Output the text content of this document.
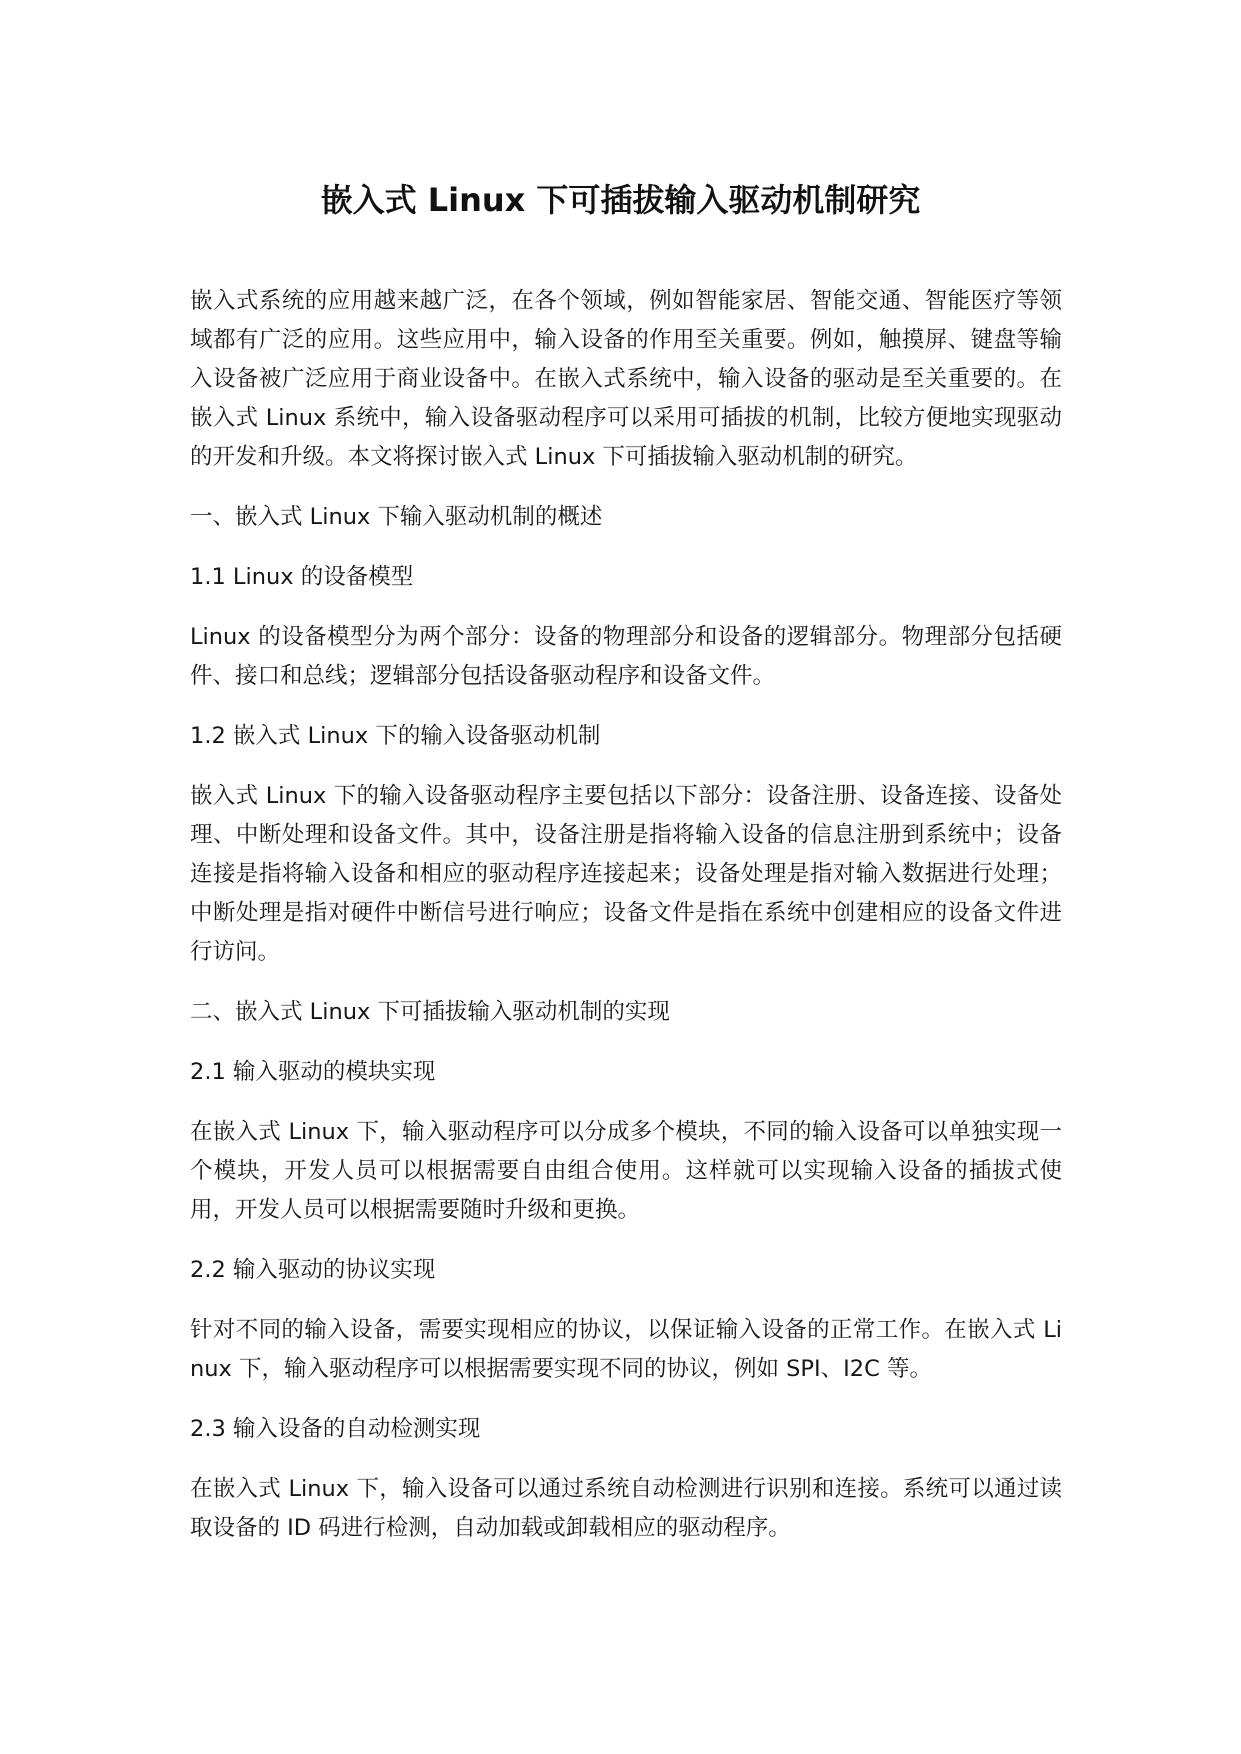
嵌入式 Linux 下可插拔输入驱动机制研究

嵌入式系统的应用越来越广泛，在各个领域，例如智能家居、智能交通、智能医疗等领域都有广泛的应用。这些应用中，输入设备的作用至关重要。例如，触摸屏、键盘等输入设备被广泛应用于商业设备中。在嵌入式系统中，输入设备的驱动是至关重要的。在嵌入式 Linux 系统中，输入设备驱动程序可以采用可插拔的机制，比较方便地实现驱动的开发和升级。本文将探讨嵌入式 Linux 下可插拔输入驱动机制的研究。

一、嵌入式 Linux 下输入驱动机制的概述

1.1 Linux 的设备模型

Linux 的设备模型分为两个部分：设备的物理部分和设备的逻辑部分。物理部分包括硬件、接口和总线；逻辑部分包括设备驱动程序和设备文件。

1.2 嵌入式 Linux 下的输入设备驱动机制

嵌入式 Linux 下的输入设备驱动程序主要包括以下部分：设备注册、设备连接、设备处理、中断处理和设备文件。其中，设备注册是指将输入设备的信息注册到系统中；设备连接是指将输入设备和相应的驱动程序连接起来；设备处理是指对输入数据进行处理；中断处理是指对硬件中断信号进行响应；设备文件是指在系统中创建相应的设备文件进行访问。

二、嵌入式 Linux 下可插拔输入驱动机制的实现

2.1 输入驱动的模块实现

在嵌入式 Linux 下，输入驱动程序可以分成多个模块，不同的输入设备可以单独实现一个模块，开发人员可以根据需要自由组合使用。这样就可以实现输入设备的插拔式使用，开发人员可以根据需要随时升级和更换。

2.2 输入驱动的协议实现

针对不同的输入设备，需要实现相应的协议，以保证输入设备的正常工作。在嵌入式 Linux 下，输入驱动程序可以根据需要实现不同的协议，例如 SPI、I2C 等。

2.3 输入设备的自动检测实现

在嵌入式 Linux 下，输入设备可以通过系统自动检测进行识别和连接。系统可以通过读取设备的 ID 码进行检测，自动加载或卸载相应的驱动程序。
